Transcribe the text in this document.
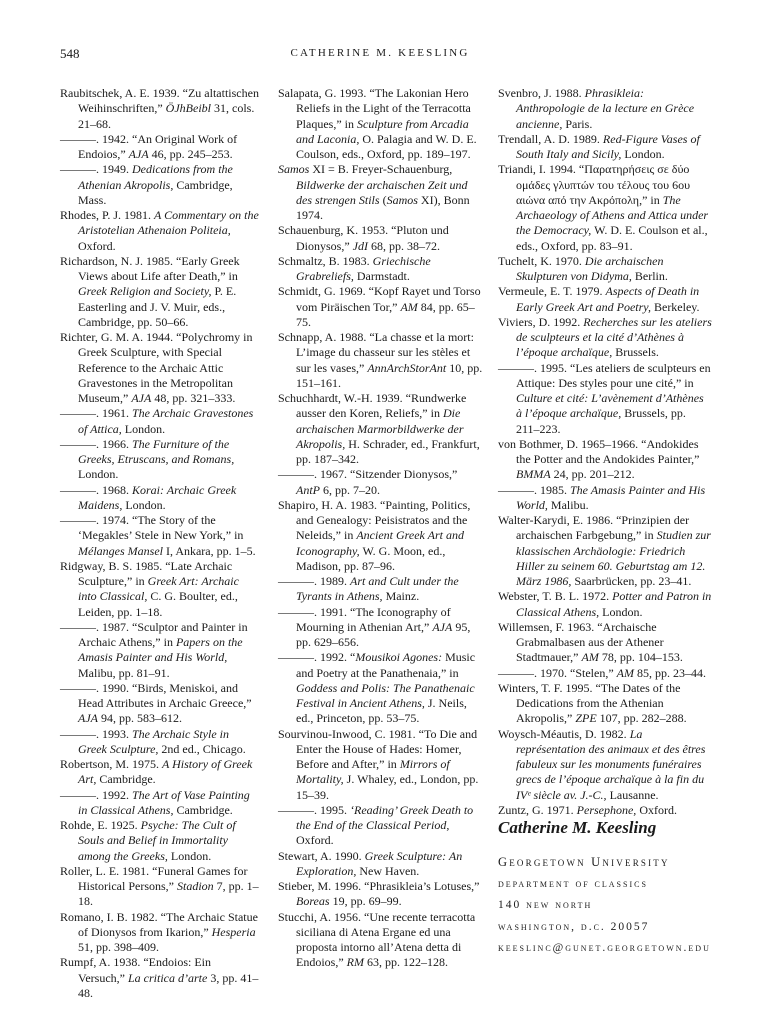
548	CATHERINE M. KEESLING
Raubitschek, A. E. 1939. “Zu altattischen Weihinschriften,” ÖJhBeibl 31, cols. 21–68.
———. 1942. “An Original Work of Endoios,” AJA 46, pp. 245–253.
———. 1949. Dedications from the Athenian Akropolis, Cambridge, Mass.
Rhodes, P. J. 1981. A Commentary on the Aristotelian Athenaion Politeia, Oxford.
Richardson, N. J. 1985. “Early Greek Views about Life after Death,” in Greek Religion and Society, P. E. Easterling and J. V. Muir, eds., Cambridge, pp. 50–66.
Richter, G. M. A. 1944. “Polychromy in Greek Sculpture, with Special Reference to the Archaic Attic Gravestones in the Metropolitan Museum,” AJA 48, pp. 321–333.
———. 1961. The Archaic Gravestones of Attica, London.
———. 1966. The Furniture of the Greeks, Etruscans, and Romans, London.
———. 1968. Korai: Archaic Greek Maidens, London.
———. 1974. “The Story of the ‘Megakles’ Stele in New York,” in Mélanges Mansel I, Ankara, pp. 1–5.
Ridgway, B. S. 1985. “Late Archaic Sculpture,” in Greek Art: Archaic into Classical, C. G. Boulter, ed., Leiden, pp. 1–18.
———. 1987. “Sculptor and Painter in Archaic Athens,” in Papers on the Amasis Painter and His World, Malibu, pp. 81–91.
———. 1990. “Birds, Meniskoi, and Head Attributes in Archaic Greece,” AJA 94, pp. 583–612.
———. 1993. The Archaic Style in Greek Sculpture, 2nd ed., Chicago.
Robertson, M. 1975. A History of Greek Art, Cambridge.
———. 1992. The Art of Vase Painting in Classical Athens, Cambridge.
Rohde, E. 1925. Psyche: The Cult of Souls and Belief in Immortality among the Greeks, London.
Roller, L. E. 1981. “Funeral Games for Historical Persons,” Stadion 7, pp. 1–18.
Romano, I. B. 1982. “The Archaic Statue of Dionysos from Ikarion,” Hesperia 51, pp. 398–409.
Rumpf, A. 1938. “Endoios: Ein Versuch,” La critica d’arte 3, pp. 41–48.
Salapata, G. 1993. “The Lakonian Hero Reliefs in the Light of the Terracotta Plaques,” in Sculpture from Arcadia and Laconia, O. Palagia and W. D. E. Coulson, eds., Oxford, pp. 189–197.
Samos XI = B. Freyer-Schauenburg, Bildwerke der archaischen Zeit und des strengen Stils (Samos XI), Bonn 1974.
Schauenburg, K. 1953. “Pluton und Dionysos,” JdI 68, pp. 38–72.
Schmaltz, B. 1983. Griechische Grabreliefs, Darmstadt.
Schmidt, G. 1969. “Kopf Rayet und Torso vom Piräischen Tor,” AM 84, pp. 65–75.
Schnapp, A. 1988. “La chasse et la mort: L’image du chasseur sur les stèles et sur les vases,” AnnArchStorAnt 10, pp. 151–161.
Schuchhardt, W.-H. 1939. “Rundwerke ausser den Koren, Reliefs,” in Die archaischen Marmorbildwerke der Akropolis, H. Schrader, ed., Frankfurt, pp. 187–342.
———. 1967. “Sitzender Dionysos,” AntP 6, pp. 7–20.
Shapiro, H. A. 1983. “Painting, Politics, and Genealogy: Peisistratos and the Neleids,” in Ancient Greek Art and Iconography, W. G. Moon, ed., Madison, pp. 87–96.
———. 1989. Art and Cult under the Tyrants in Athens, Mainz.
———. 1991. “The Iconography of Mourning in Athenian Art,” AJA 95, pp. 629–656.
———. 1992. “Mousikoi Agones: Music and Poetry at the Panathenaia,” in Goddess and Polis: The Panathenaic Festival in Ancient Athens, J. Neils, ed., Princeton, pp. 53–75.
Sourvinou-Inwood, C. 1981. “To Die and Enter the House of Hades: Homer, Before and After,” in Mirrors of Mortality, J. Whaley, ed., London, pp. 15–39.
———. 1995. ‘Reading’ Greek Death to the End of the Classical Period, Oxford.
Stewart, A. 1990. Greek Sculpture: An Exploration, New Haven.
Stieber, M. 1996. “Phrasikleia’s Lotuses,” Boreas 19, pp. 69–99.
Stucchi, A. 1956. “Une recente terracotta siciliana di Atena Ergane ed una proposta intorno all’Atena detta di Endoios,” RM 63, pp. 122–128.
Svenbro, J. 1988. Phrasikleia: Anthropologie de la lecture en Grèce ancienne, Paris.
Trendall, A. D. 1989. Red-Figure Vases of South Italy and Sicily, London.
Triandi, I. 1994. “Παρατηρήσεις σε δύο ομάδες γλυπτών του τέλους του 6ου αιώνα από την Ακρόπολη,” in The Archaeology of Athens and Attica under the Democracy, W. D. E. Coulson et al., eds., Oxford, pp. 83–91.
Tuchelt, K. 1970. Die archaischen Skulpturen von Didyma, Berlin.
Vermeule, E. T. 1979. Aspects of Death in Early Greek Art and Poetry, Berkeley.
Viviers, D. 1992. Recherches sur les ateliers de sculpteurs et la cité d’Athènes à l’époque archaïque, Brussels.
———. 1995. “Les ateliers de sculpteurs en Attique: Des styles pour une cité,” in Culture et cité: L’avènement d’Athènes à l’époque archaïque, Brussels, pp. 211–223.
von Bothmer, D. 1965–1966. “Andokides the Potter and the Andokides Painter,” BMMA 24, pp. 201–212.
———. 1985. The Amasis Painter and His World, Malibu.
Walter-Karydi, E. 1986. “Prinzipien der archaischen Farbgebung,” in Studien zur klassischen Archäologie: Friedrich Hiller zu seinem 60. Geburtstag am 12. März 1986, Saarbrücken, pp. 23–41.
Webster, T. B. L. 1972. Potter and Patron in Classical Athens, London.
Willemsen, F. 1963. “Archaische Grabmalbasen aus der Athener Stadtmauer,” AM 78, pp. 104–153.
———. 1970. “Stelen,” AM 85, pp. 23–44.
Winters, T. F. 1995. “The Dates of the Dedications from the Athenian Akropolis,” ZPE 107, pp. 282–288.
Woysch-Méautis, D. 1982. La représentation des animaux et des êtres fabuleux sur les monuments funéraires grecs de l’époque archaïque à la fin du IVᵉ siècle av. J.-C., Lausanne.
Zuntz, G. 1971. Persephone, Oxford.
Catherine M. Keesling
Georgetown University
department of classics
140 new north
washington, d.c. 20057
keeslinc@gunet.georgetown.edu
